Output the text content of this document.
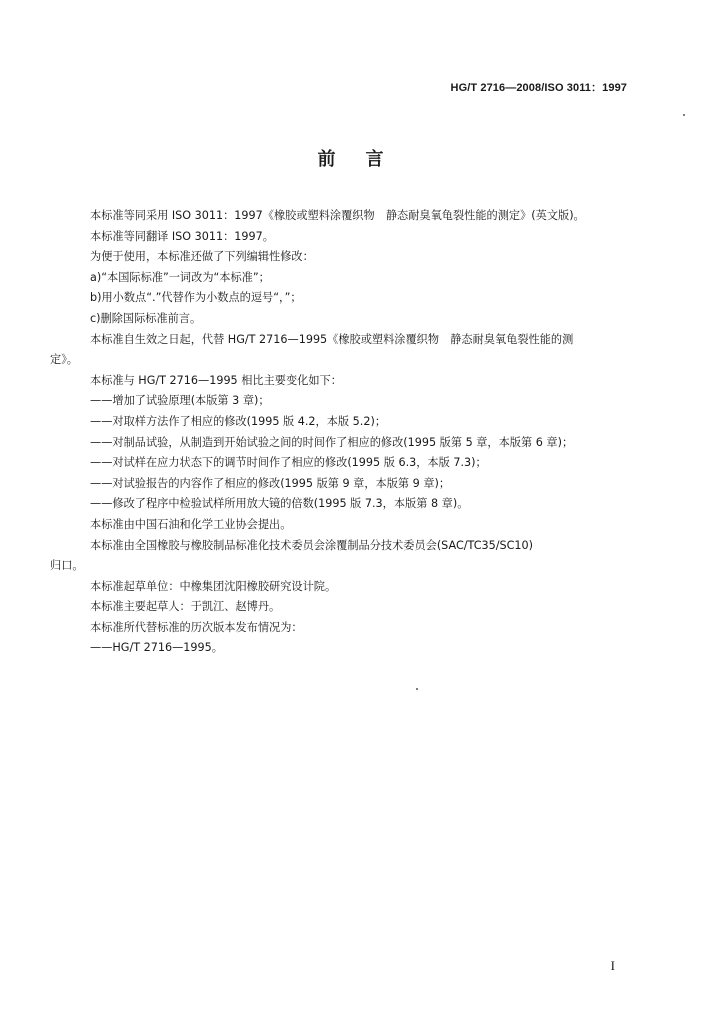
HG/T 2716—2008/ISO 3011：1997
前言

本标准等同采用 ISO 3011：1997《橡胶或塑料涂覆织物　静态耐臭氧龟裂性能的测定》(英文版)。

本标准等同翻译 ISO 3011：1997。

为便于使用，本标准还做了下列编辑性修改：

a)“本国际标准”一词改为“本标准”；

b)用小数点“.”代替作为小数点的逗号“，”；

c)删除国际标准前言。

本标准自生效之日起，代替 HG/T 2716—1995《橡胶或塑料涂覆织物　静态耐臭氧龟裂性能的测

定》。

本标准与 HG/T 2716—1995 相比主要变化如下：

——增加了试验原理(本版第 3 章)；

——对取样方法作了相应的修改(1995 版 4.2，本版 5.2)；

——对制品试验，从制造到开始试验之间的时间作了相应的修改(1995 版第 5 章，本版第 6 章)；

——对试样在应力状态下的调节时间作了相应的修改(1995 版 6.3，本版 7.3)；

——对试验报告的内容作了相应的修改(1995 版第 9 章，本版第 9 章)；

——修改了程序中检验试样所用放大镜的倍数(1995 版 7.3，本版第 8 章)。

本标准由中国石油和化学工业协会提出。

本标准由全国橡胶与橡胶制品标准化技术委员会涂覆制品分技术委员会(SAC/TC35/SC10)

归口。

本标准起草单位：中橡集团沈阳橡胶研究设计院。

本标准主要起草人：于凯江、赵博丹。

本标准所代替标准的历次版本发布情况为：

——HG/T 2716—1995。

I
